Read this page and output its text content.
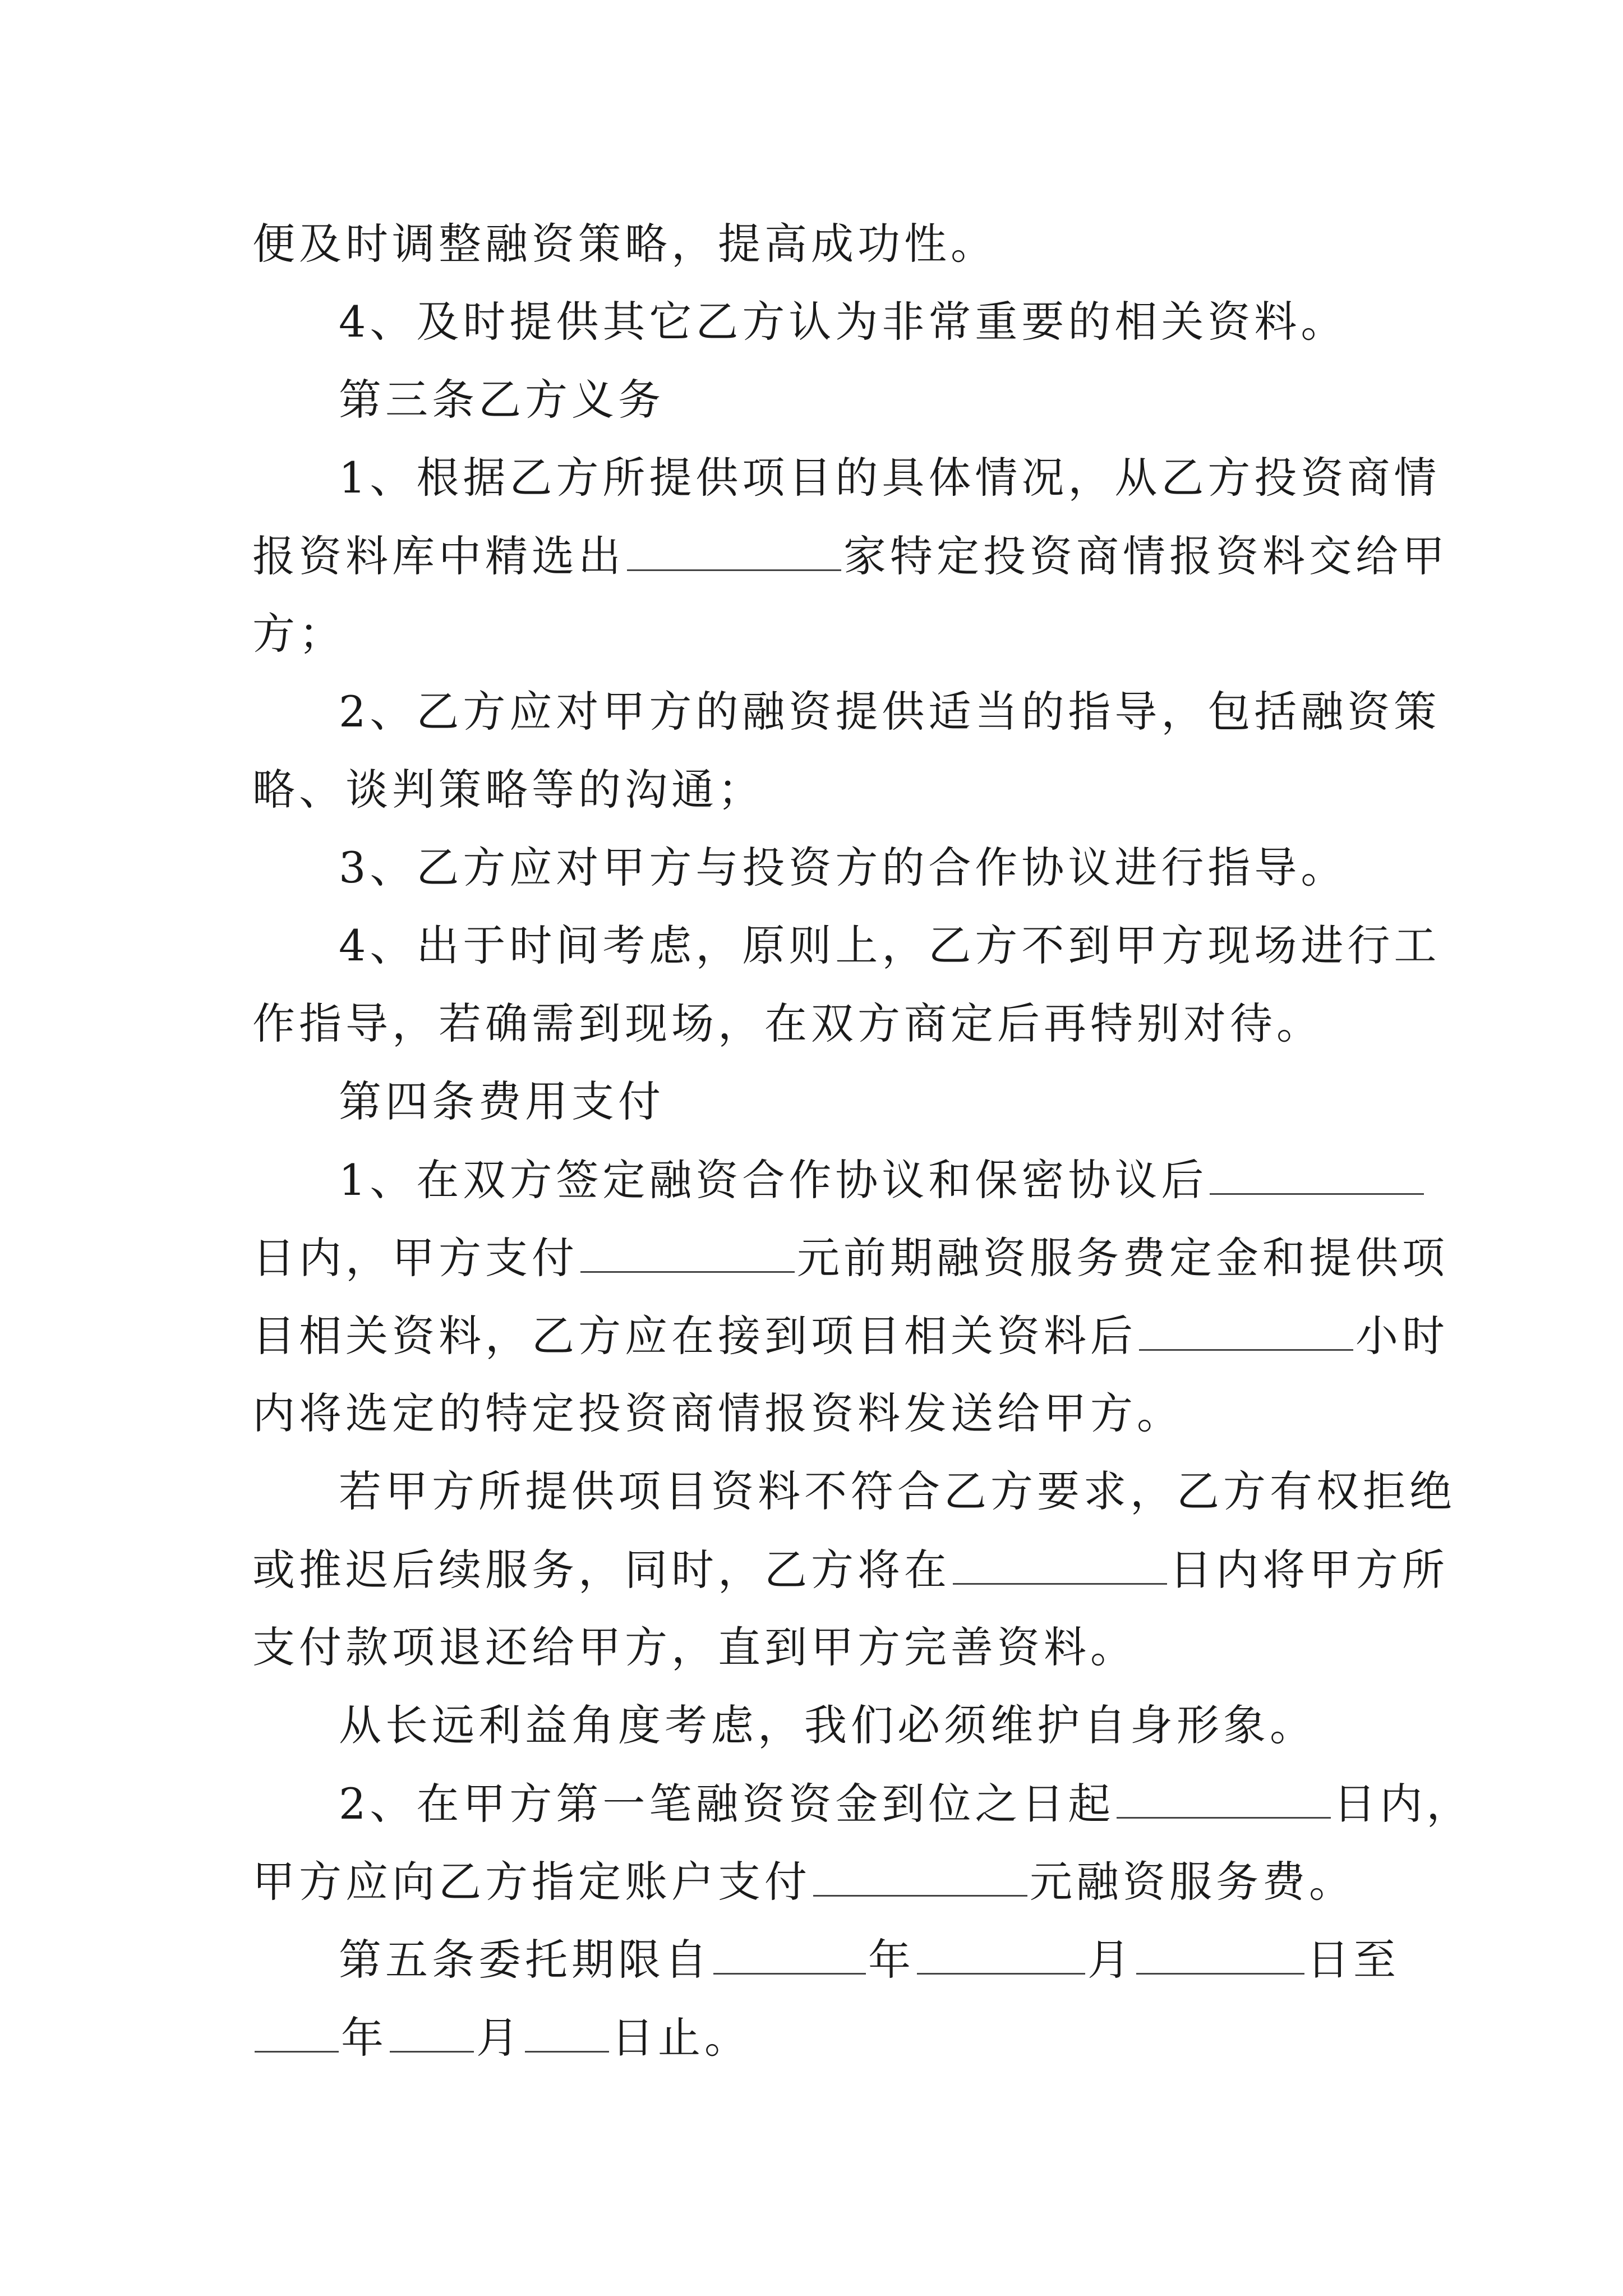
便及时调整融资策略，提高成功性。
4、及时提供其它乙方认为非常重要的相关资料。
第三条乙方义务
1、根据乙方所提供项目的具体情况，从乙方投资商情
报资料库中精选出	家特定投资商情报资料交给甲
方；
2、乙方应对甲方的融资提供适当的指导，包括融资策
略、谈判策略等的沟通；
3、乙方应对甲方与投资方的合作协议进行指导。
4、出于时间考虑，原则上，乙方不到甲方现场进行工
作指导，若确需到现场，在双方商定后再特别对待。
第四条费用支付
1、在双方签定融资合作协议和保密协议后
日内，甲方支付	元前期融资服务费定金和提供项
目相关资料，乙方应在接到项目相关资料后	小时
内将选定的特定投资商情报资料发送给甲方。
若甲方所提供项目资料不符合乙方要求，乙方有权拒绝
或推迟后续服务，同时，乙方将在	日内将甲方所
支付款项退还给甲方，直到甲方完善资料。
从长远利益角度考虑，我们必须维护自身形象。
2、在甲方第一笔融资资金到位之日起	日内，
甲方应向乙方指定账户支付	元融资服务费。
第五条委托期限自	年	月	日至
年 月 日止。
